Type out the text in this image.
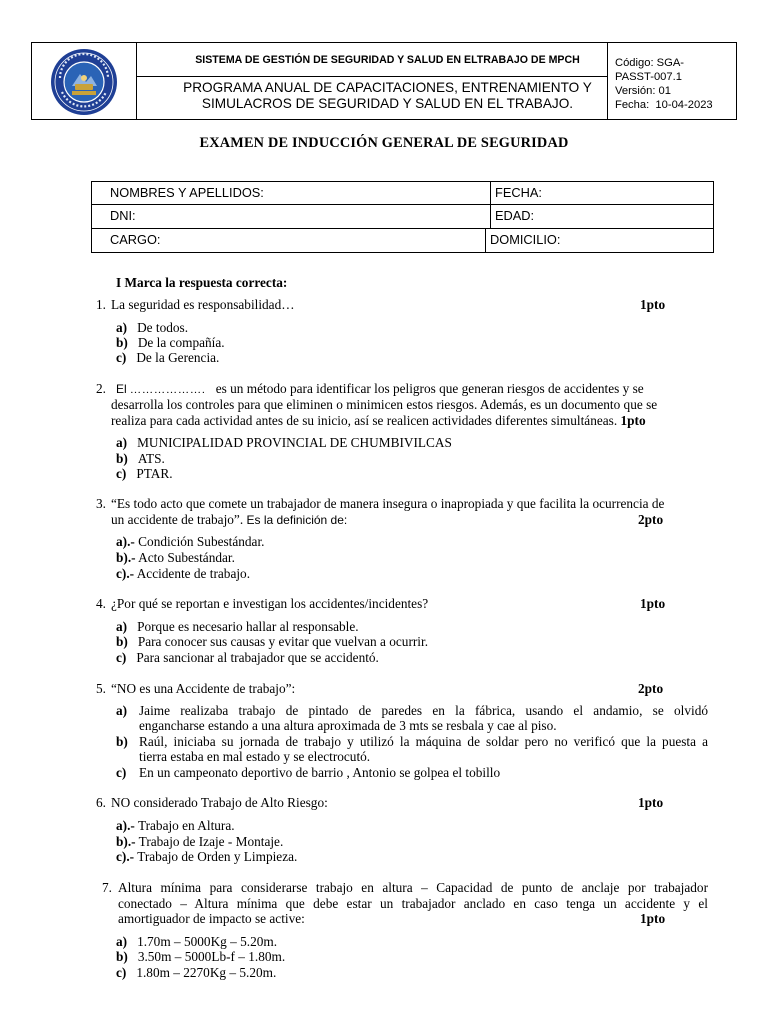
SISTEMA DE GESTIÓN DE SEGURIDAD Y SALUD EN ELTRABAJO DE MPCH
PROGRAMA ANUAL DE CAPACITACIONES, ENTRENAMIENTO Y
SIMULACROS DE SEGURIDAD Y SALUD EN EL TRABAJO.
Código: SGA-
PASST-007.1
Versión: 01
Fecha:  10-04-2023
EXAMEN DE INDUCCIÓN GENERAL DE SEGURIDAD
NOMBRES Y APELLIDOS:	FECHA:
DNI:	EDAD:
CARGO:	DOMICILIO:
I Marca la respuesta correcta:
1. La seguridad es responsabilidad…	1pto
a) De todos.
b) De la compañía.
c) De la Gerencia.
2. El ………………. es un método para identificar los peligros que generan riesgos de accidentes y se
desarrolla los controles para que eliminen o minimicen estos riesgos. Además, es un documento que se
realiza para cada actividad antes de su inicio, así se realicen actividades diferentes simultáneas. 1pto
a) MUNICIPALIDAD PROVINCIAL DE CHUMBIVILCAS
b) ATS.
c) PTAR.
3. “Es todo acto que comete un trabajador de manera insegura o inapropiada y que facilita la ocurrencia de
un accidente de trabajo”. Es la definición de:	2pto
a).- Condición Subestándar.
b).- Acto Subestándar.
c).- Accidente de trabajo.
4. ¿Por qué se reportan e investigan los accidentes/incidentes?	1pto
a) Porque es necesario hallar al responsable.
b) Para conocer sus causas y evitar que vuelvan a ocurrir.
c) Para sancionar al trabajador que se accidentó.
5. “NO es una Accidente de trabajo”:	2pto
a) Jaime realizaba trabajo de pintado de paredes en la fábrica, usando el andamio, se olvidó
engancharse estando a una altura aproximada de 3 mts se resbala y cae al piso.
b) Raúl, iniciaba su jornada de trabajo y utilizó la máquina de soldar pero no verificó que la puesta a
tierra estaba en mal estado y se electrocutó.
c) En un campeonato deportivo de barrio , Antonio se golpea el tobillo
6. NO considerado Trabajo de Alto Riesgo:	1pto
a).- Trabajo en Altura.
b).- Trabajo de Izaje - Montaje.
c).- Trabajo de Orden y Limpieza.
7. Altura mínima para considerarse trabajo en altura – Capacidad de punto de anclaje por trabajador
conectado – Altura mínima que debe estar un trabajador anclado en caso tenga un accidente y el
amortiguador de impacto se active:	1pto
a) 1.70m – 5000Kg – 5.20m.
b) 3.50m – 5000Lb-f – 1.80m.
c) 1.80m – 2270Kg – 5.20m.
